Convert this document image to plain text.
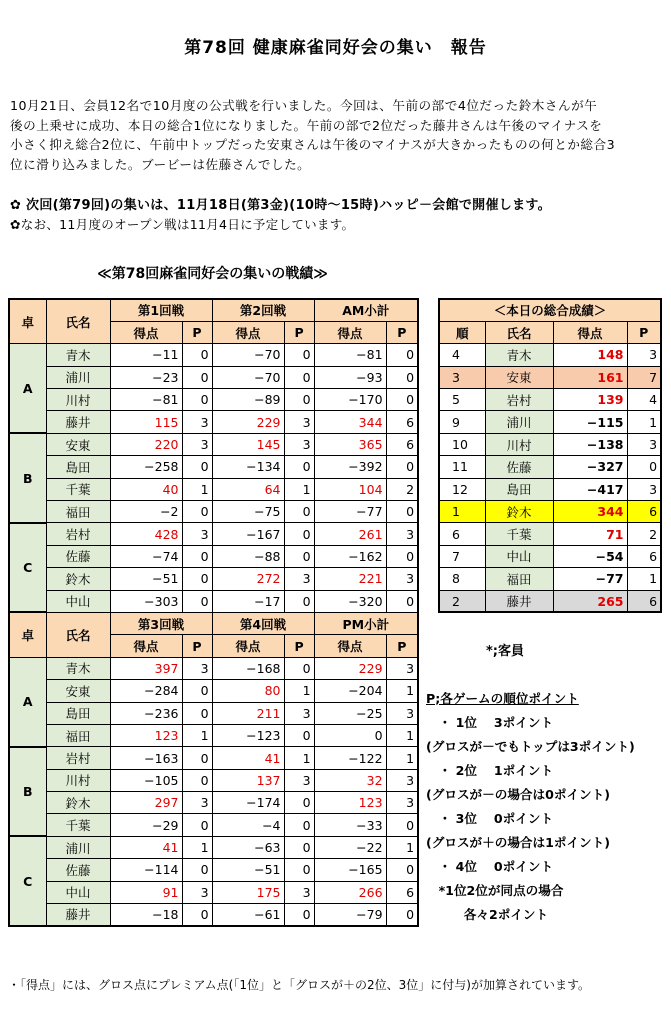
第78回 健康麻雀同好会の集い　報告
10月21日、会員12名で10月度の公式戦を行いました。今回は、午前の部で4位だった鈴木さんが午
後の上乗せに成功、本日の総合1位になりました。午前の部で2位だった藤井さんは午後のマイナスを
小さく抑え総合2位に、午前中トップだった安東さんは午後のマイナスが大きかったものの何とか総合3
位に滑り込みました。ブービーは佐藤さんでした。
✿ 次回(第79回)の集いは、11月18日(第3金)(10時〜15時)ハッピ－会館で開催します。
✿なお、11月度のオープン戦は11月4日に予定しています。
≪第78回麻雀同好会の集いの戦績≫
卓	氏名	第1回戦		第2回戦		AM小計	
		得点	P	得点	P	得点	P
A	青木	−11	0	−70	0	−81	0
	浦川	−23	0	−70	0	−93	0
	川村	−81	0	−89	0	−170	0
	藤井	115	3	229	3	344	6
B	安東	220	3	145	3	365	6
	島田	−258	0	−134	0	−392	0
	千葉	40	1	64	1	104	2
	福田	−2	0	−75	0	−77	0
C	岩村	428	3	−167	0	261	3
	佐藤	−74	0	−88	0	−162	0
	鈴木	−51	0	272	3	221	3
	中山	−303	0	−17	0	−320	0
卓	氏名	第3回戦		第4回戦		PM小計	
		得点	P	得点	P	得点	P
A	青木	397	3	−168	0	229	3
	安東	−284	0	80	1	−204	1
	島田	−236	0	211	3	−25	3
	福田	123	1	−123	0	0	1
B	岩村	−163	0	41	1	−122	1
	川村	−105	0	137	3	32	3
	鈴木	297	3	−174	0	123	3
	千葉	−29	0	−4	0	−33	0
C	浦川	41	1	−63	0	−22	1
	佐藤	−114	0	−51	0	−165	0
	中山	91	3	175	3	266	6
	藤井	−18	0	−61	0	−79	0
＜本日の総合成績＞			
順	氏名	得点	P
4	青木	148	3
3	安東	161	7
5	岩村	139	4
9	浦川	−115	1
10	川村	−138	3
11	佐藤	−327	0
12	島田	−417	3
1	鈴木	344	6
6	千葉	71	2
7	中山	−54	6
8	福田	−77	1
2	藤井	265	6
*;客員
P;各ゲームの順位ポイント
　・ 1位　 3ポイント
(グロスが－でもトップは3ポイント)
　・ 2位　 1ポイント
(グロスが－の場合は0ポイント)
　・ 3位　 0ポイント
(グロスが＋の場合は1ポイント)
　・ 4位　 0ポイント
　*1位2位が同点の場合
　　　各々2ポイント
・「得点」には、グロス点にプレミアム点(「1位」と「グロスが＋の2位、3位」に付与)が加算されています。
